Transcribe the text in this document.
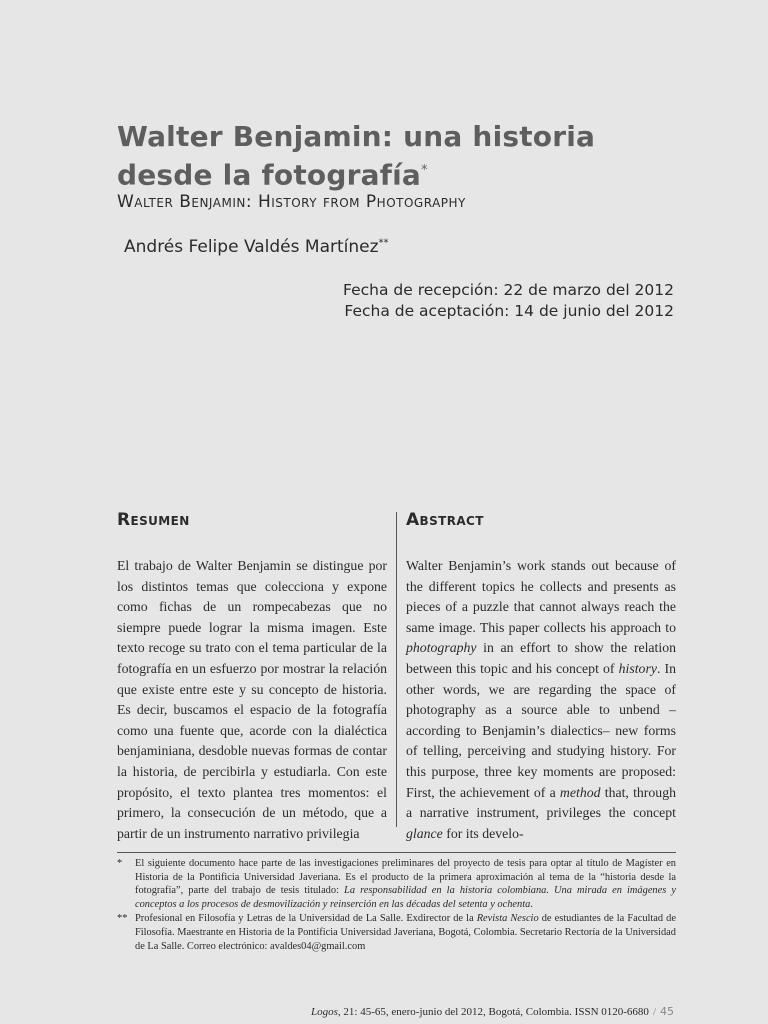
Walter Benjamin: una historia desde la fotografía*
Walter Benjamin: History from Photography
Andrés Felipe Valdés Martínez**
Fecha de recepción: 22 de marzo del 2012
Fecha de aceptación: 14 de junio del 2012
Resumen

El trabajo de Walter Benjamin se distingue por los distintos temas que colecciona y expone como fichas de un rompecabezas que no siempre puede lograr la misma imagen. Este texto recoge su trato con el tema particular de la fotografía en un esfuerzo por mostrar la relación que existe entre este y su concepto de historia. Es decir, buscamos el espacio de la fotografía como una fuente que, acorde con la dialéctica benjaminiana, desdoble nuevas formas de contar la historia, de percibirla y estudiarla. Con este propósito, el texto plantea tres momentos: el primero, la consecución de un método, que a partir de un instrumento narrativo privilegia

Abstract

Walter Benjamin’s work stands out because of the different topics he collects and presents as pieces of a puzzle that cannot always reach the same image. This paper collects his approach to photography in an effort to show the relation between this topic and his concept of history. In other words, we are regarding the space of photography as a source able to unbend –according to Benjamin’s dialectics– new forms of telling, perceiving and studying history. For this purpose, three key moments are proposed: First, the achievement of a method that, through a narrative instrument, privileges the concept glance for its develo-

* El siguiente documento hace parte de las investigaciones preliminares del proyecto de tesis para optar al título de Magíster en Historia de la Pontificia Universidad Javeriana. Es el producto de la primera aproximación al tema de la “historia desde la fotografía”, parte del trabajo de tesis titulado: La responsabilidad en la historia colombiana. Una mirada en imágenes y conceptos a los procesos de desmovilización y reinserción en las décadas del setenta y ochenta.
** Profesional en Filosofía y Letras de la Universidad de La Salle. Exdirector de la Revista Nescio de estudiantes de la Facultad de Filosofía. Maestrante en Historia de la Pontificia Universidad Javeriana, Bogotá, Colombia. Secretario Rectoría de la Universidad de La Salle. Correo electrónico: avaldes04@gmail.com
Logos, 21: 45-65, enero-junio del 2012, Bogotá, Colombia. ISSN 0120-6680 / 45
